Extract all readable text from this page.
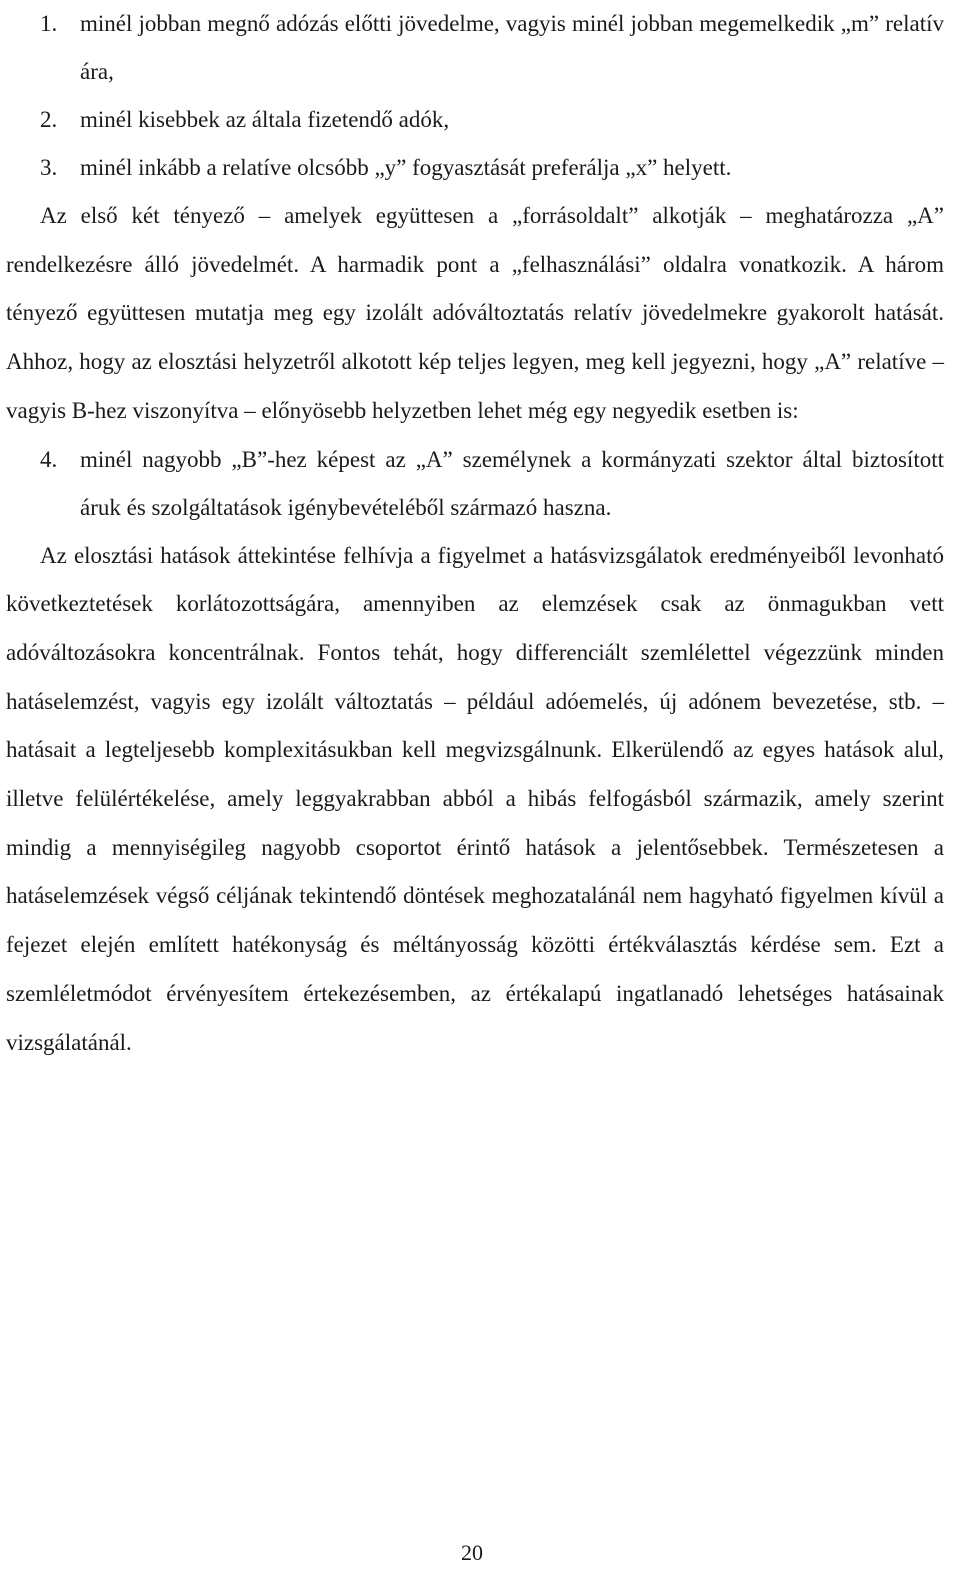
1. minél jobban megnő adózás előtti jövedelme, vagyis minél jobban megemelkedik „m” relatív ára,
2. minél kisebbek az általa fizetendő adók,
3. minél inkább a relatíve olcsóbb „y” fogyasztását preferálja „x” helyett.

Az első két tényező – amelyek együttesen a „forrásoldalt” alkotják – meghatározza „A” rendelkezésre álló jövedelmét. A harmadik pont a „felhasználási” oldalra vonatkozik. A három tényező együttesen mutatja meg egy izolált adóváltoztatás relatív jövedelmekre gyakorolt hatását. Ahhoz, hogy az elosztási helyzetről alkotott kép teljes legyen, meg kell jegyezni, hogy „A” relatíve – vagyis B-hez viszonyítva – előnyösebb helyzetben lehet még egy negyedik esetben is:

4. minél nagyobb „B”-hez képest az „A” személynek a kormányzati szektor által biztosított áruk és szolgáltatások igénybevételéből származó haszna.

Az elosztási hatások áttekintése felhívja a figyelmet a hatásvizsgálatok eredményeiből levonható következtetések korlátozottságára, amennyiben az elemzések csak az önmagukban vett adóváltozásokra koncentrálnak. Fontos tehát, hogy differenciált szemlélettel végezzünk minden hatáselemzést, vagyis egy izolált változtatás – például adóemelés, új adónem bevezetése, stb. – hatásait a legteljesebb komplexitásukban kell megvizsgálnunk. Elkerülendő az egyes hatások alul, illetve felülértékelése, amely leggyakrabban abból a hibás felfogásból származik, amely szerint mindig a mennyiségileg nagyobb csoportot érintő hatások a jelentősebbek. Természetesen a hatáselemzések végső céljának tekintendő döntések meghozatalánál nem hagyható figyelmen kívül a fejezet elején említett hatékonyság és méltányosság közötti értékválasztás kérdése sem. Ezt a szemléletmódot érvényesítem értekezésemben, az értékalapú ingatlanadó lehetséges hatásainak vizsgálatánál.

20
